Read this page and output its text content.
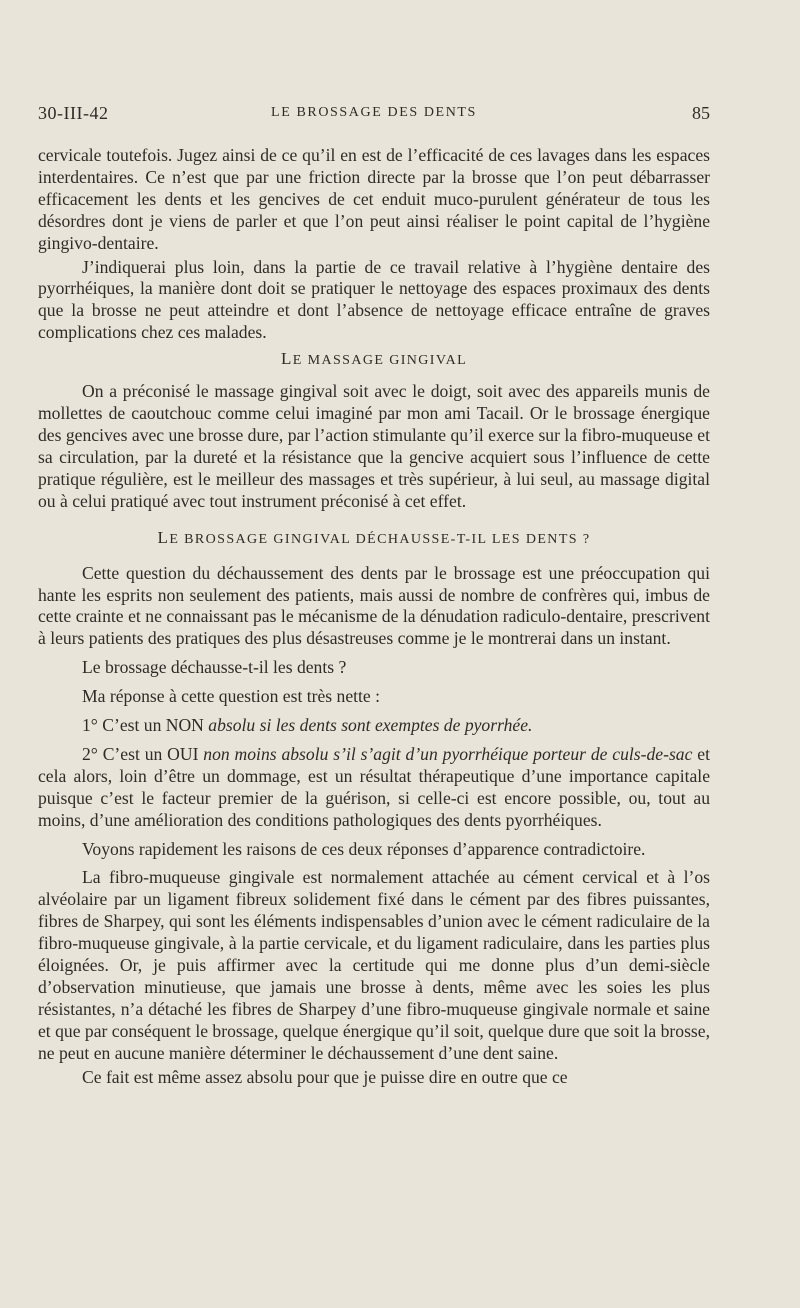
30-III-42	LE BROSSAGE DES DENTS	85

cervicale toutefois. Jugez ainsi de ce qu’il en est de l’efficacité de ces lavages dans les espaces interdentaires. Ce n’est que par une friction directe par la brosse que l’on peut débarrasser efficacement les dents et les gencives de cet enduit muco-purulent générateur de tous les désordres dont je viens de parler et que l’on peut ainsi réaliser le point capital de l’hygiène gingivo-dentaire.

J’indiquerai plus loin, dans la partie de ce travail relative à l’hygiène dentaire des pyorrhéiques, la manière dont doit se pratiquer le nettoyage des espaces proximaux des dents que la brosse ne peut atteindre et dont l’absence de nettoyage efficace entraîne de graves complications chez ces malades.

LE MASSAGE GINGIVAL

On a préconisé le massage gingival soit avec le doigt, soit avec des appareils munis de mollettes de caoutchouc comme celui imaginé par mon ami Tacail. Or le brossage énergique des gencives avec une brosse dure, par l’action stimulante qu’il exerce sur la fibro-muqueuse et sa circulation, par la dureté et la résistance que la gencive acquiert sous l’influence de cette pratique régulière, est le meilleur des massages et très supérieur, à lui seul, au massage digital ou à celui pratiqué avec tout instrument préconisé à cet effet.

LE BROSSAGE GINGIVAL DÉCHAUSSE-T-IL LES DENTS ?

Cette question du déchaussement des dents par le brossage est une préoccupation qui hante les esprits non seulement des patients, mais aussi de nombre de confrères qui, imbus de cette crainte et ne connaissant pas le mécanisme de la dénudation radiculo-dentaire, prescrivent à leurs patients des pratiques des plus désastreuses comme je le montrerai dans un instant.

Le brossage déchausse-t-il les dents ?

Ma réponse à cette question est très nette :

1° C’est un NON absolu si les dents sont exemptes de pyorrhée.

2° C’est un OUI non moins absolu s’il s’agit d’un pyorrhéique porteur de culs-de-sac et cela alors, loin d’être un dommage, est un résultat thérapeutique d’une importance capitale puisque c’est le facteur premier de la guérison, si celle-ci est encore possible, ou, tout au moins, d’une amélioration des conditions pathologiques des dents pyorrhéiques.

Voyons rapidement les raisons de ces deux réponses d’apparence contradictoire.

La fibro-muqueuse gingivale est normalement attachée au cément cervical et à l’os alvéolaire par un ligament fibreux solidement fixé dans le cément par des fibres puissantes, fibres de Sharpey, qui sont les éléments indispensables d’union avec le cément radiculaire de la fibro-muqueuse gingivale, à la partie cervicale, et du ligament radiculaire, dans les parties plus éloignées. Or, je puis affirmer avec la certitude qui me donne plus d’un demi-siècle d’observation minutieuse, que jamais une brosse à dents, même avec les soies les plus résistantes, n’a détaché les fibres de Sharpey d’une fibro-muqueuse gingivale normale et saine et que par conséquent le brossage, quelque énergique qu’il soit, quelque dure que soit la brosse, ne peut en aucune manière déterminer le déchaussement d’une dent saine.

Ce fait est même assez absolu pour que je puisse dire en outre que ce
